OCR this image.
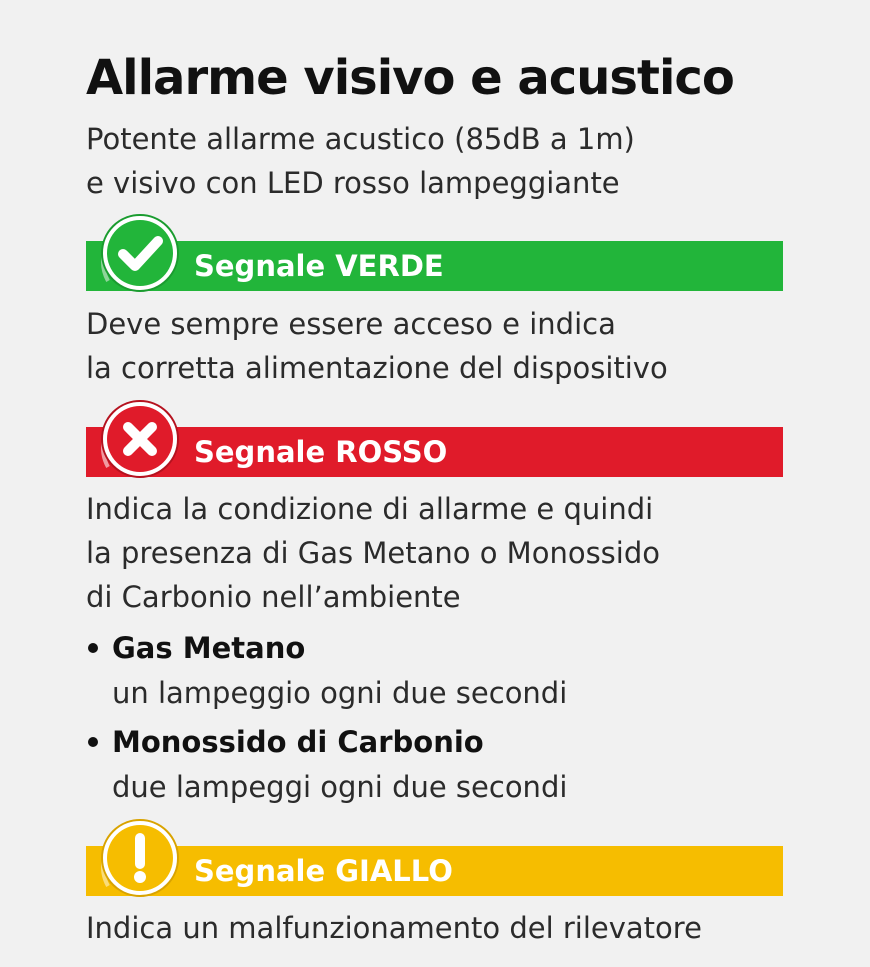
Allarme visivo e acustico
Potente allarme acustico (85dB a 1m)
e visivo con LED rosso lampeggiante
Segnale VERDE
Deve sempre essere acceso e indica
la corretta alimentazione del dispositivo
Segnale ROSSO
Indica la condizione di allarme e quindi
la presenza di Gas Metano o Monossido
di Carbonio nell’ambiente
Gas Metano
un lampeggio ogni due secondi
Monossido di Carbonio
due lampeggi ogni due secondi
Segnale GIALLO
Indica un malfunzionamento del rilevatore
